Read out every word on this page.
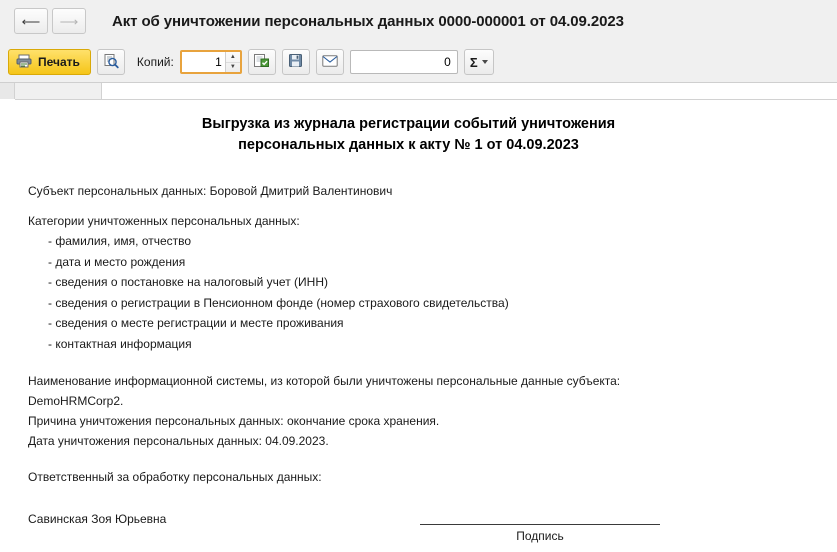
⟵ ⟶ Акт об уничтожении персональных данных 0000-000001 от 04.09.2023
Печать	Копий:
1	▲
▼	0 Σ
Выгрузка из журнала регистрации событий уничтожения
персональных данных к акту № 1 от 04.09.2023

Субъект персональных данных: Боровой Дмитрий Валентинович

Категории уничтоженных персональных данных:

- фамилия, имя, отчество
- дата и место рождения
- сведения о постановке на налоговый учет (ИНН)
- сведения о регистрации в Пенсионном фонде (номер страхового свидетельства)
- сведения о месте регистрации и месте проживания
- контактная информация

Наименование информационной системы, из которой были уничтожены персональные данные субъекта:

DemoHRMCorp2.

Причина уничтожения персональных данных: окончание срока хранения.

Дата уничтожения персональных данных: 04.09.2023.

Ответственный за обработку персональных данных:

Савинская Зоя Юрьевна
Подпись
